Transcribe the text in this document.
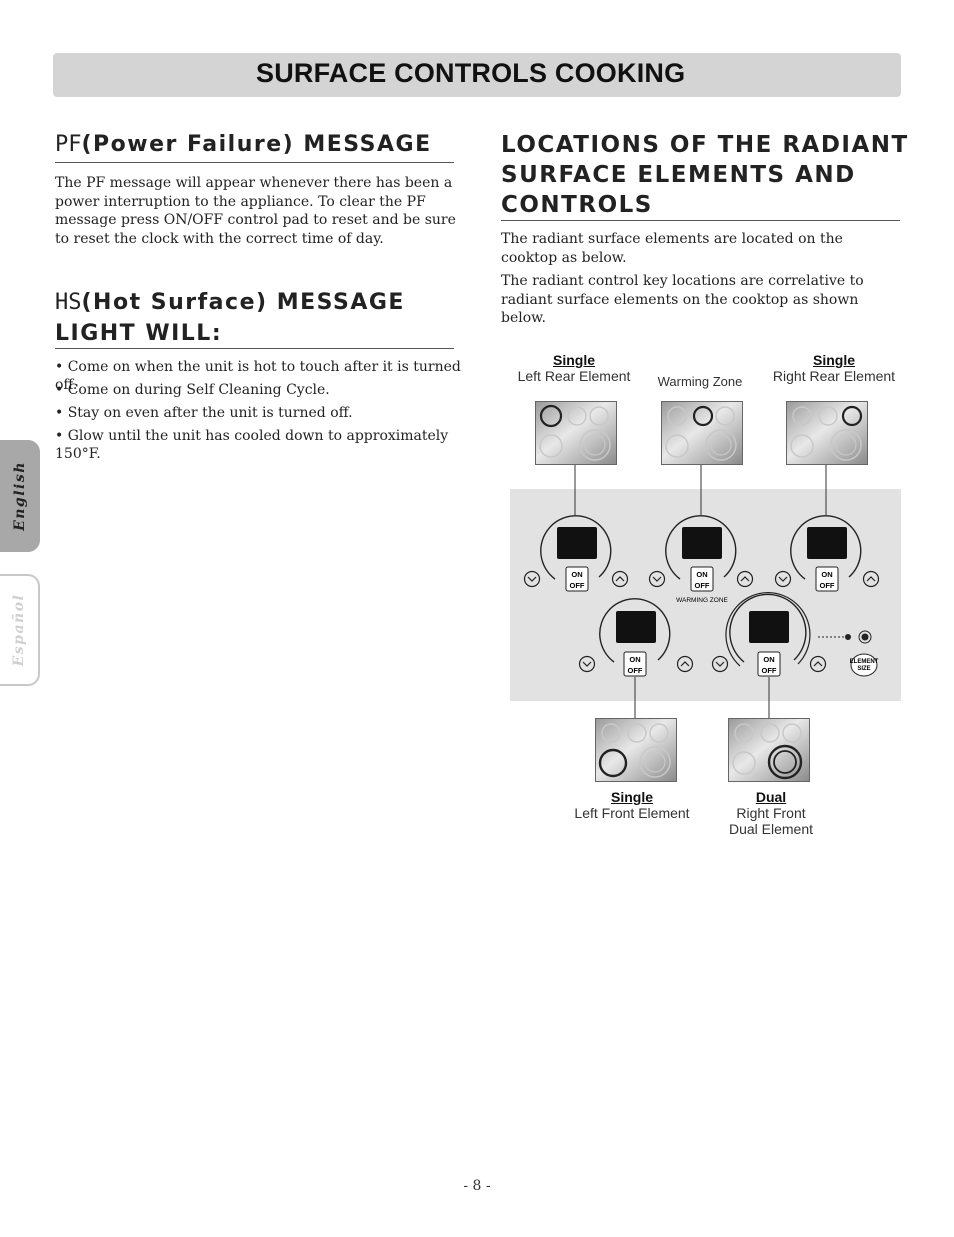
SURFACE CONTROLS COOKING
English
Español
PF(Power Failure) MESSAGE

The PF message will appear whenever there has been a power interruption to the appliance. To clear the PF message press ON/OFF control pad to reset and be sure to reset the clock with the correct time of day.

HS(Hot Surface) MESSAGE
LIGHT WILL:
• Come on when the unit is hot to touch after it is turned off.
• Come on during Self Cleaning Cycle.
• Stay on even after the unit is turned off.
• Glow until the unit has cooled down to approximately 150°F.
LOCATIONS OF THE RADIANT
SURFACE ELEMENTS AND
CONTROLS

The radiant surface elements are located on the cooktop as below.

The radiant control key locations are correlative to radiant surface elements on the cooktop as shown below.

Single
Left Rear Element	Warming Zone
Single
Right Rear Element
ON
OFF
ON
OFF
WARMING ZONE
ON
OFF
ON
OFF
ON
OFF
ELEMENT
SIZE
Single
Left Front Element
Dual
Right Front
Dual Element
- 8 -
